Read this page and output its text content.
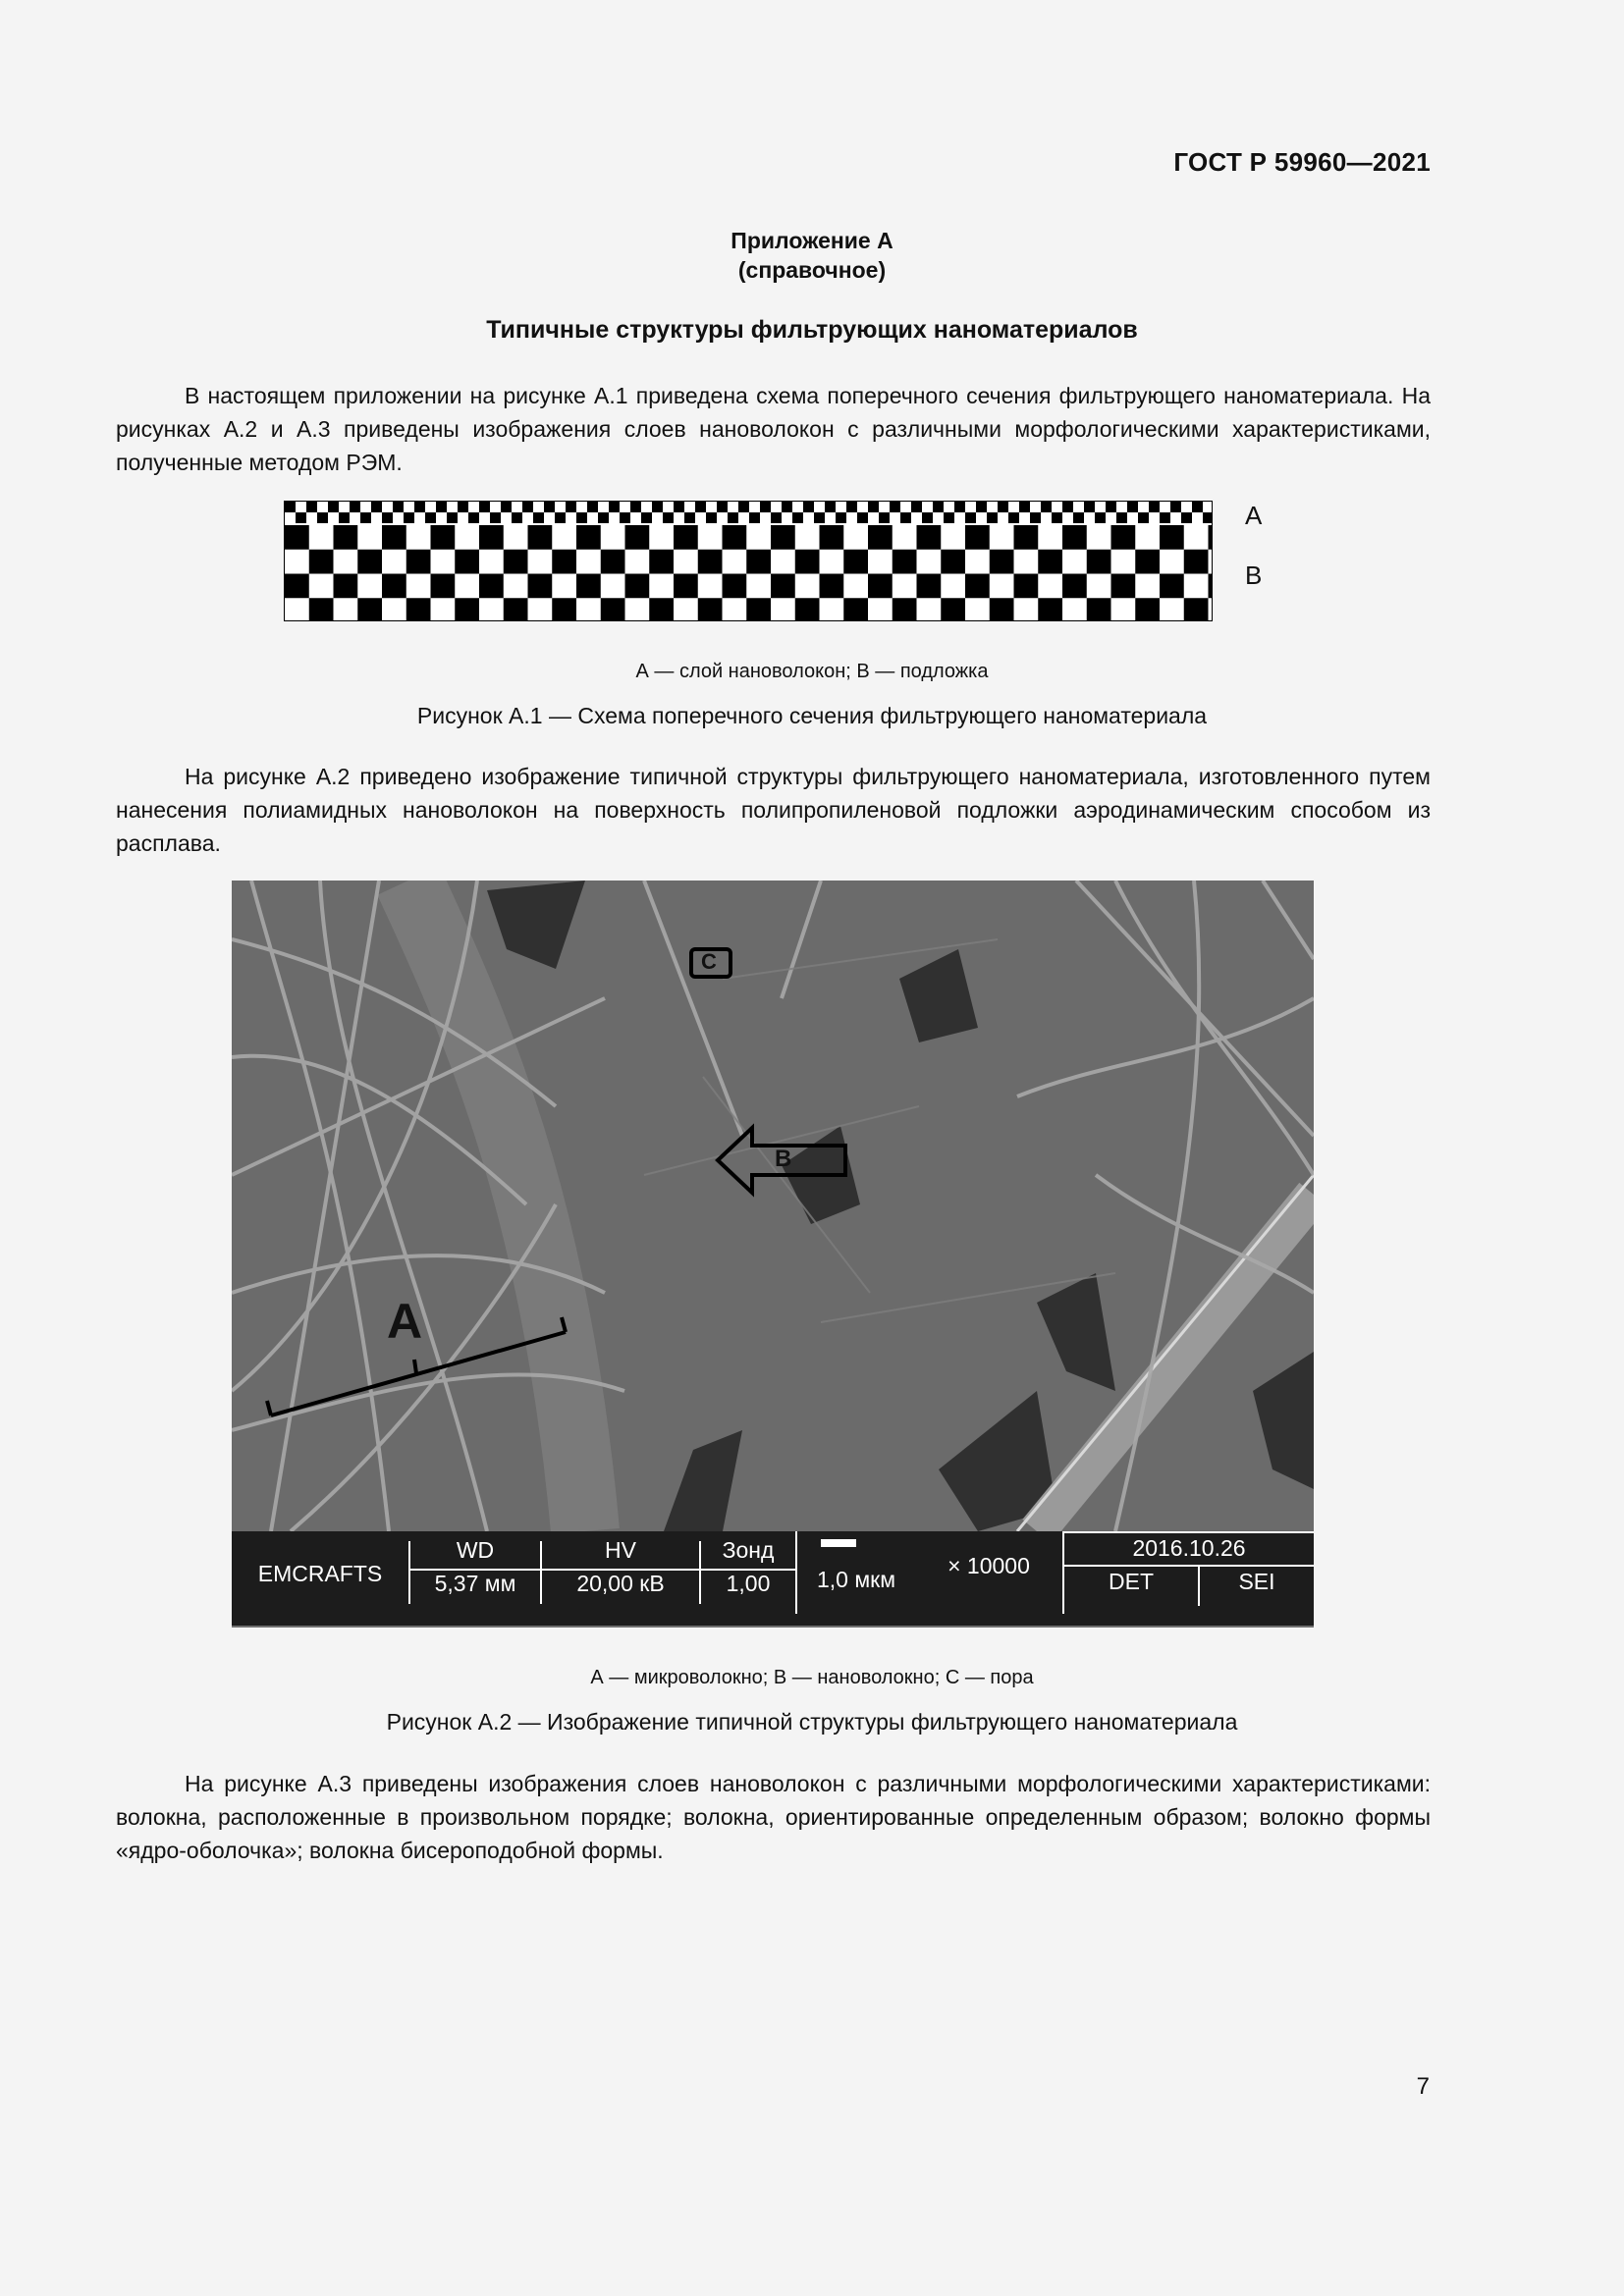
ГОСТ Р 59960—2021
Приложение А
(справочное)
Типичные структуры фильтрующих наноматериалов
В настоящем приложении на рисунке А.1 приведена схема поперечного сечения фильтрующего наноматериала. На рисунках А.2 и А.3 приведены изображения слоев нановолокон с различными морфологическими характеристиками, полученные методом РЭМ.
А
В
А — слой нановолокон; В — подложка
Рисунок А.1 — Схема поперечного сечения фильтрующего наноматериала
На рисунке А.2 приведено изображение типичной структуры фильтрующего наноматериала, изготовленного путем нанесения полиамидных нановолокон на поверхность полипропиленовой подложки аэродинамическим способом из расплава.
А
В
С
EMCRAFTS
WD
5,37 мм
HV
20,00 кВ
Зонд
1,00	1,0 мкм
× 10000
2016.10.26
DET	SEI
А — микроволокно; В — нановолокно; С — пора
Рисунок А.2 — Изображение типичной структуры фильтрующего наноматериала
На рисунке А.3 приведены изображения слоев нановолокон с различными морфологическими характеристиками: волокна, расположенные в произвольном порядке; волокна, ориентированные определенным образом; волокно формы «ядро-оболочка»; волокна бисероподобной формы.
7
